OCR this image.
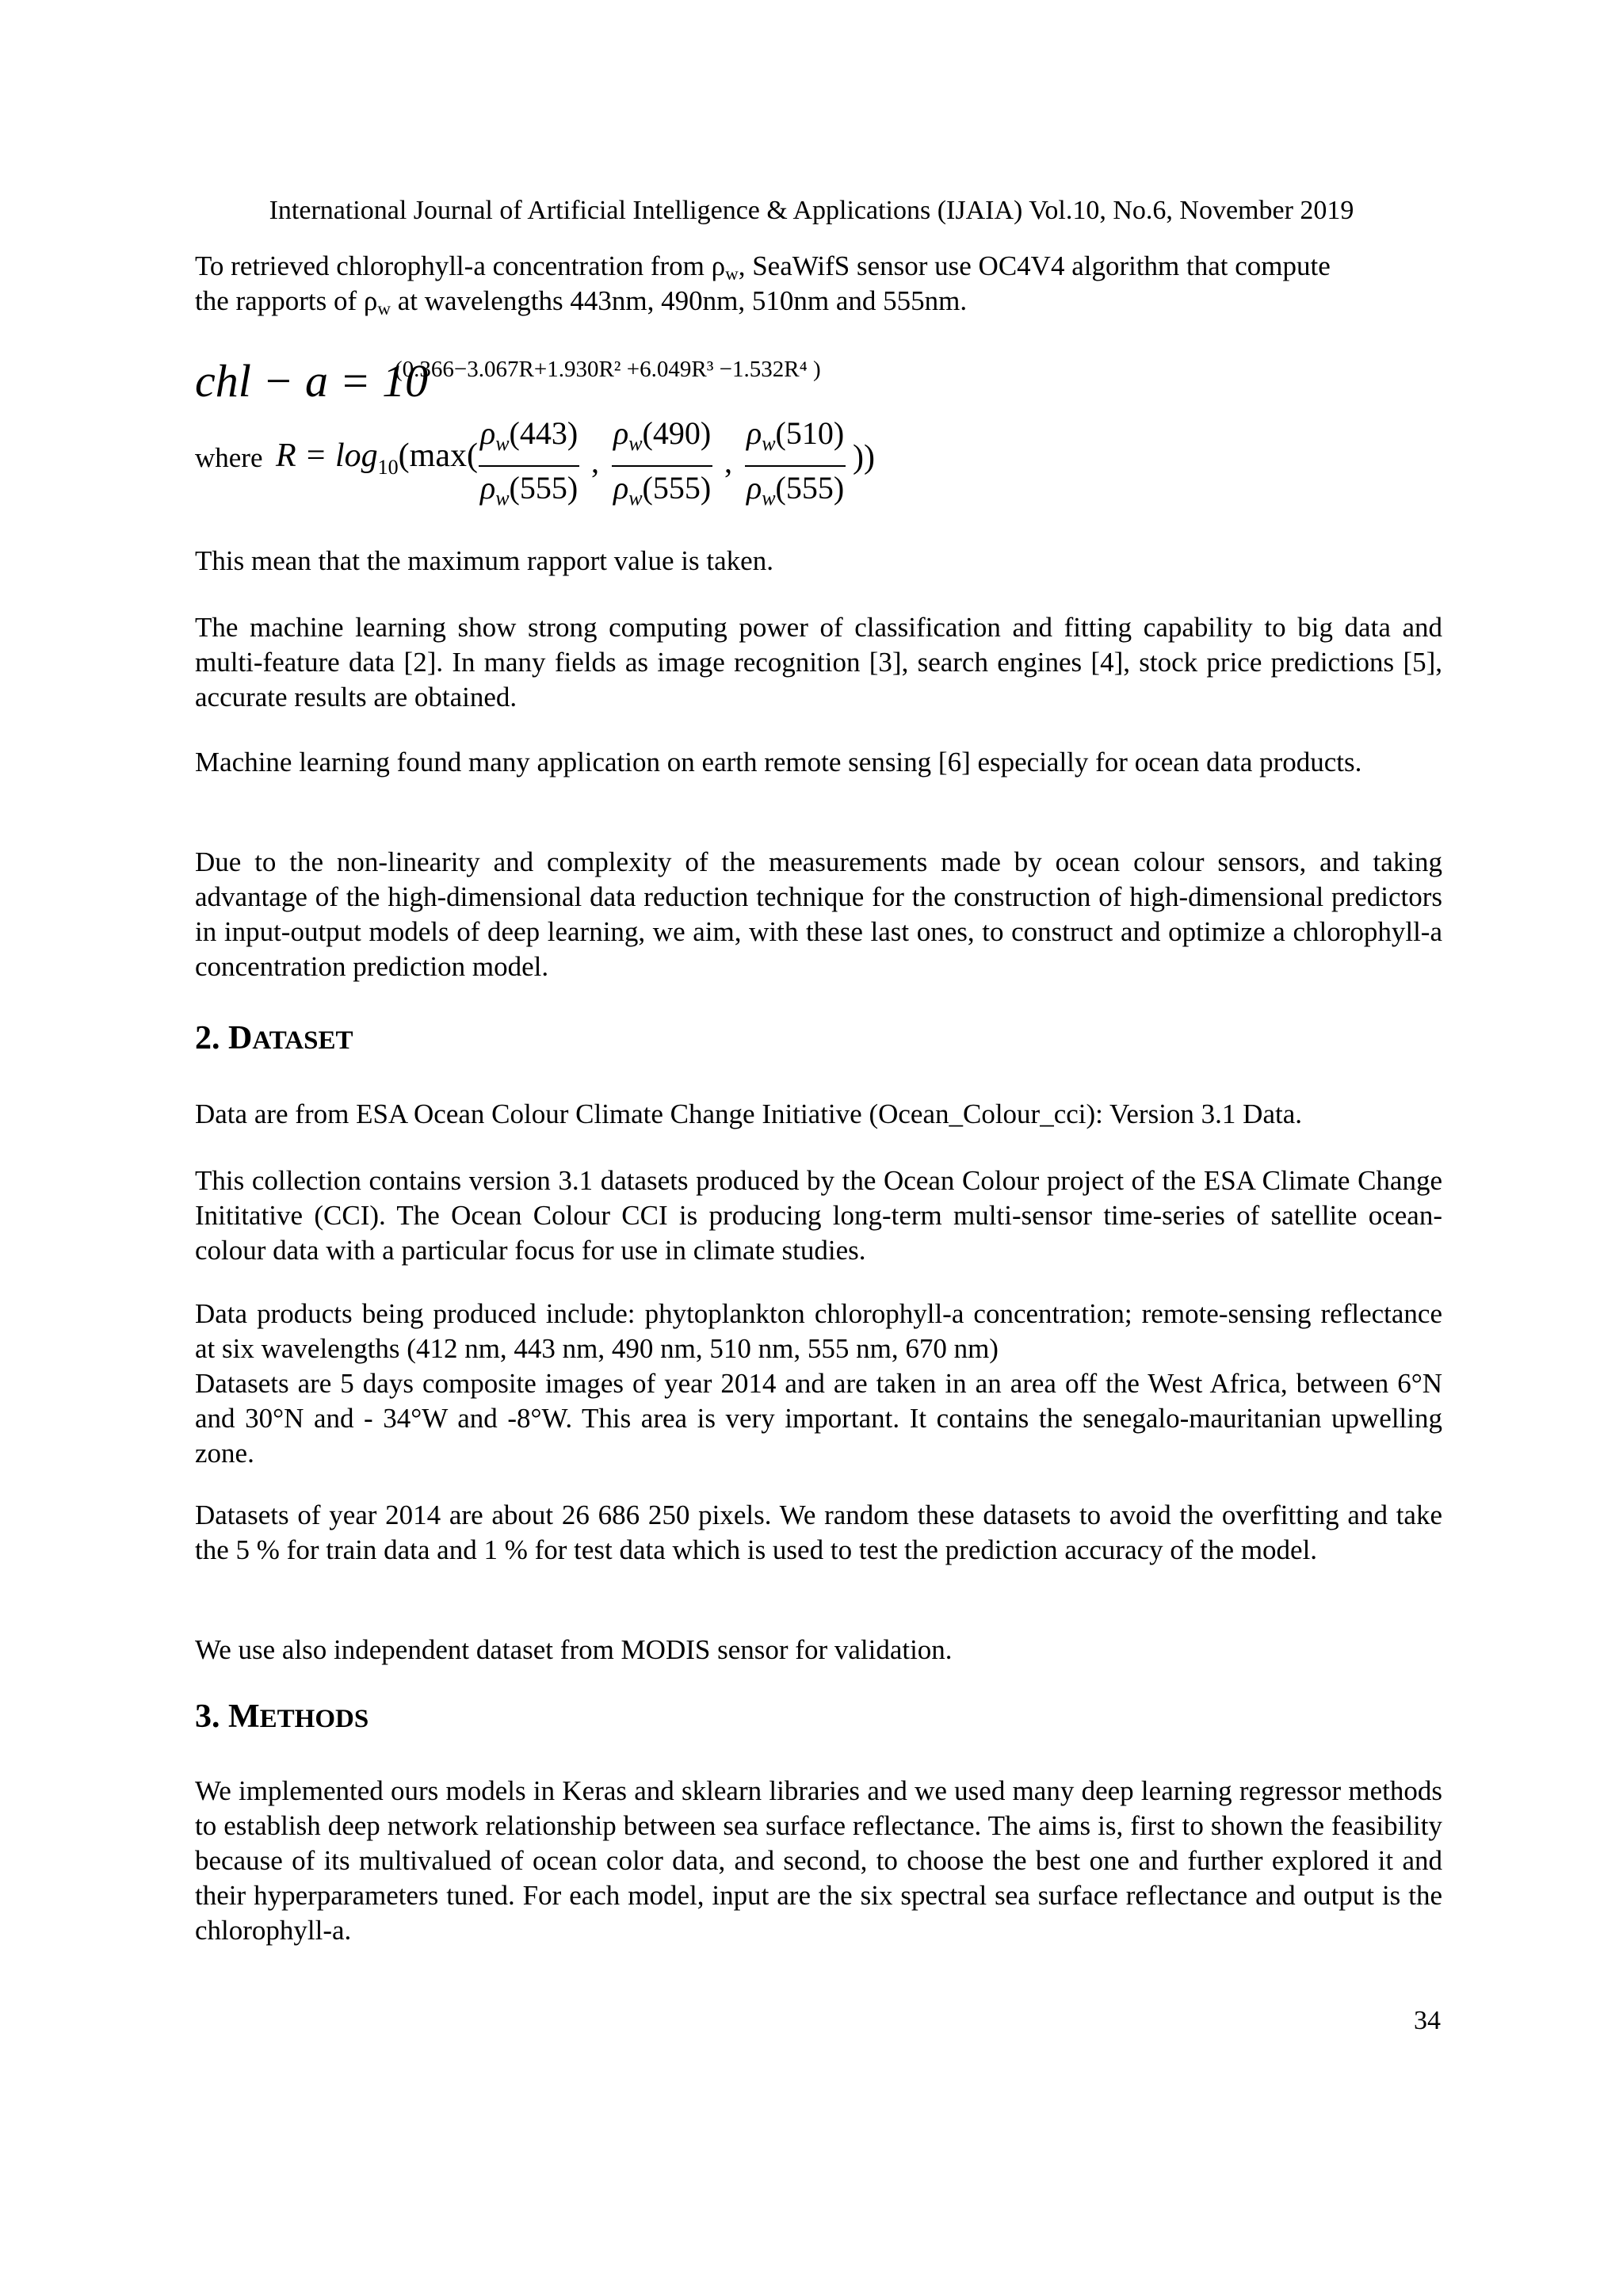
International Journal of Artificial Intelligence & Applications (IJAIA) Vol.10, No.6, November 2019

To retrieved chlorophyll-a concentration from $\rho_w$, SeaWifS sensor use OC4V4 algorithm that compute

the rapports of $\rho_w$ at wavelengths 443nm, 490nm, 510nm and 555nm.

chl − a = 10
(0.366−3.067R+1.930R² +6.049R³ −1.532R⁴ )
where $R = \log_{10}(\max( \frac{\rho_w(443)}{\rho_w(555)}$ , $\frac{\rho_w(490)}{\rho_w(555)}$ , $\frac{\rho_w(510)}{\rho_w(555)}$ ))

This mean that the maximum rapport value is taken.

The machine learning show strong computing power of classification and fitting capability to big data and multi-feature data [2]. In many fields as image recognition [3], search engines [4], stock price predictions [5], accurate results are obtained.

Machine learning found many application on earth remote sensing [6] especially for ocean data products.

Due to the non-linearity and complexity of the measurements made by ocean colour sensors, and taking advantage of the high-dimensional data reduction technique for the construction of high-dimensional predictors in input-output models of deep learning, we aim, with these last ones, to construct and optimize a chlorophyll-a concentration prediction model.

2. DATASET

Data are from ESA Ocean Colour Climate Change Initiative (Ocean_Colour_cci): Version 3.1 Data.

This collection contains version 3.1 datasets produced by the Ocean Colour project of the ESA Climate Change Inititative (CCI). The Ocean Colour CCI is producing long-term multi-sensor time-series of satellite ocean-colour data with a particular focus for use in climate studies.

Data products being produced include: phytoplankton chlorophyll-a concentration; remote-sensing reflectance at six wavelengths (412 nm, 443 nm, 490 nm, 510 nm, 555 nm, 670 nm)

Datasets are 5 days composite images of year 2014 and are taken in an area off the West Africa, between 6°N and 30°N and - 34°W and -8°W. This area is very important. It contains the senegalo-mauritanian upwelling zone.

Datasets of year 2014 are about 26 686 250 pixels. We random these datasets to avoid the overfitting and take the 5 % for train data and 1 % for test data which is used to test the prediction accuracy of the model.

We use also independent dataset from MODIS sensor for validation.

3. METHODS

We implemented ours models in Keras and sklearn libraries and we used many deep learning regressor methods to establish deep network relationship between sea surface reflectance. The aims is, first to shown the feasibility because of its multivalued of ocean color data, and second, to choose the best one and further explored it and their hyperparameters tuned. For each model, input are the six spectral sea surface reflectance and output is the chlorophyll-a.

34
